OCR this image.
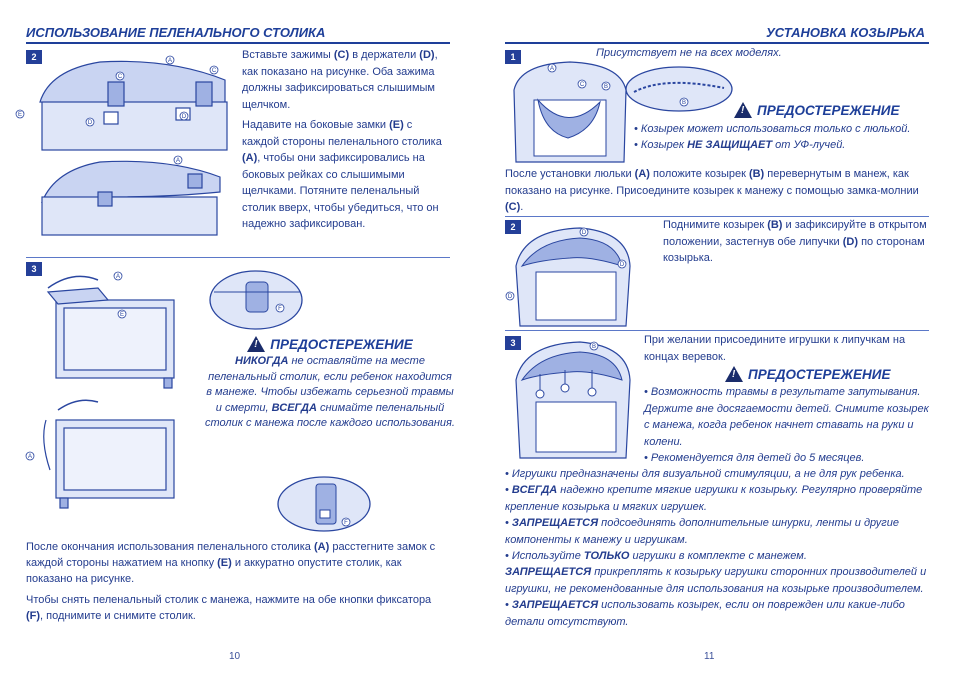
ИСПОЛЬЗОВАНИЕ ПЕЛЕНАЛЬНОГО СТОЛИКА
2	A
C
C
D
D
E
A

Вставьте зажимы (C) в держатели (D), как показано на рисунке. Оба зажима должны зафиксироваться слышимым щелчком.

Надавите на боковые замки (E) с каждой стороны пеленального столика (A), чтобы они зафиксировались на боковых рейках со слышимыми щелчками. Потяните пеленальный столик вверх, чтобы убедиться, что он надежно зафиксирован.

3
A
E
A
F
!
ПРЕДОСТЕРЕЖЕНИЕ
НИКОГДА не оставляйте на месте пеленальный столик, если ребенок находится в манеже. Чтобы избежать серьезной травмы и смерти, ВСЕГДА снимайте пеленальный столик с манежа после каждого использования.
F

После окончания использования пеленального столика (A) расстегните замок с каждой стороны нажатием на кнопку (E) и аккуратно опустите столик, как показано на рисунке.

Чтобы снять пеленальный столик с манежа, нажмите на обе кнопки фиксатора (F), поднимите и снимите столик.

10
УСТАНОВКА КОЗЫРЬКА
1
A
C	B
Присутствует не на всех моделях.
B
!	ПРЕДОСТЕРЕЖЕНИЕ

• Козырек может использоваться только с люлькой.

• Козырек НЕ ЗАЩИЩАЕТ от УФ-лучей.

После установки люльки (A) положите козырек (B) перевернутым в манеж, как показано на рисунке. Присоедините козырек к манежу с помощью замка-молнии (C).
2
D
D
D
Поднимите козырек (B) и зафиксируйте в открытом положении, застегнув обе липучки (D) по сторонам козырька.
3	B
При желании присоедините игрушки к липучкам на концах веревок.
!
ПРЕДОСТЕРЕЖЕНИЕ

• Возможность травмы в результате запутывания. Держите вне досягаемости детей. Снимите козырек с манежа, когда ребенок начнет ставать на руки и колени.

• Рекомендуется для детей до 5 месяцев.

• Игрушки предназначены для визуальной стимуляции, а не для рук ребенка.

• ВСЕГДА надежно крепите мягкие игрушки к козырьку. Регулярно проверяйте крепление козырька и мягких игрушек.

• ЗАПРЕЩАЕТСЯ подсоединять дополнительные шнурки, ленты и другие компоненты к манежу и игрушкам.

• Используйте ТОЛЬКО игрушки в комплекте с манежем.

ЗАПРЕЩАЕТСЯ прикреплять к козырьку игрушки сторонних производителей и игрушки, не рекомендованные для использования на козырьке производителем.

• ЗАПРЕЩАЕТСЯ использовать козырек, если он поврежден или какие-либо детали отсутствуют.

11
